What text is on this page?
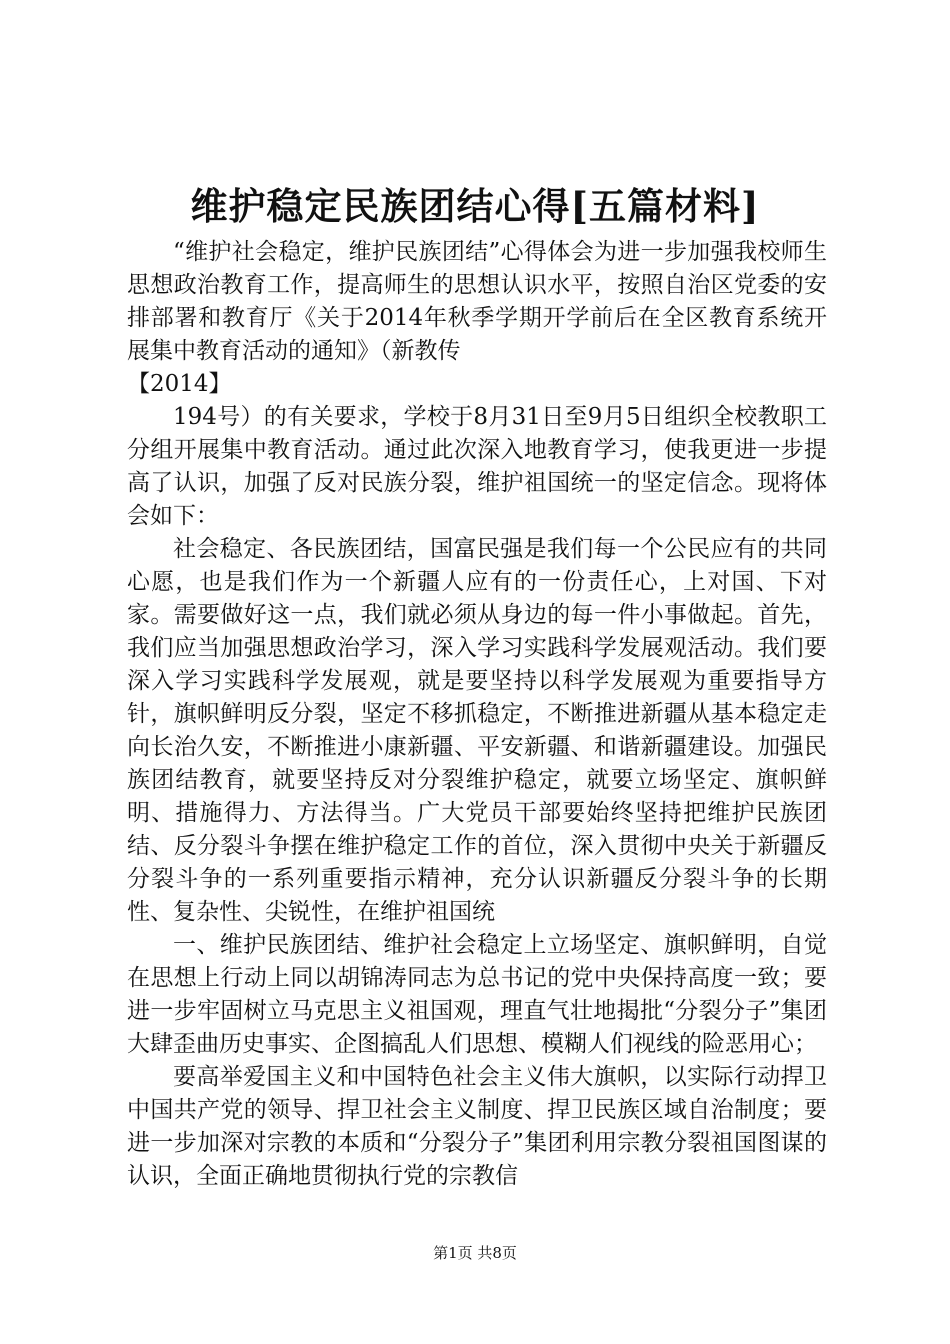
维护稳定民族团结心得[五篇材料]

“维护社会稳定，维护民族团结”心得体会为进一步加强我校师生思想政治教育工作，提高师生的思想认识水平，按照自治区党委的安排部署和教育厅《关于2014年秋季学期开学前后在全区教育系统开展集中教育活动的通知》（新教传

【2014】

194号）的有关要求，学校于8月31日至9月5日组织全校教职工分组开展集中教育活动。通过此次深入地教育学习，使我更进一步提高了认识，加强了反对民族分裂，维护祖国统一的坚定信念。现将体会如下：

社会稳定、各民族团结，国富民强是我们每一个公民应有的共同心愿，也是我们作为一个新疆人应有的一份责任心，上对国、下对家。需要做好这一点，我们就必须从身边的每一件小事做起。首先，我们应当加强思想政治学习，深入学习实践科学发展观活动。我们要深入学习实践科学发展观，就是要坚持以科学发展观为重要指导方针，旗帜鲜明反分裂，坚定不移抓稳定，不断推进新疆从基本稳定走向长治久安，不断推进小康新疆、平安新疆、和谐新疆建设。加强民族团结教育，就要坚持反对分裂维护稳定，就要立场坚定、旗帜鲜明、措施得力、方法得当。广大党员干部要始终坚持把维护民族团结、反分裂斗争摆在维护稳定工作的首位，深入贯彻中央关于新疆反分裂斗争的一系列重要指示精神，充分认识新疆反分裂斗争的长期性、复杂性、尖锐性，在维护祖国统

一、维护民族团结、维护社会稳定上立场坚定、旗帜鲜明，自觉在思想上行动上同以胡锦涛同志为总书记的党中央保持高度一致；要进一步牢固树立马克思主义祖国观，理直气壮地揭批“分裂分子”集团大肆歪曲历史事实、企图搞乱人们思想、模糊人们视线的险恶用心；

要高举爱国主义和中国特色社会主义伟大旗帜，以实际行动捍卫中国共产党的领导、捍卫社会主义制度、捍卫民族区域自治制度；要进一步加深对宗教的本质和“分裂分子”集团利用宗教分裂祖国图谋的认识，全面正确地贯彻执行党的宗教信

第1页 共8页
